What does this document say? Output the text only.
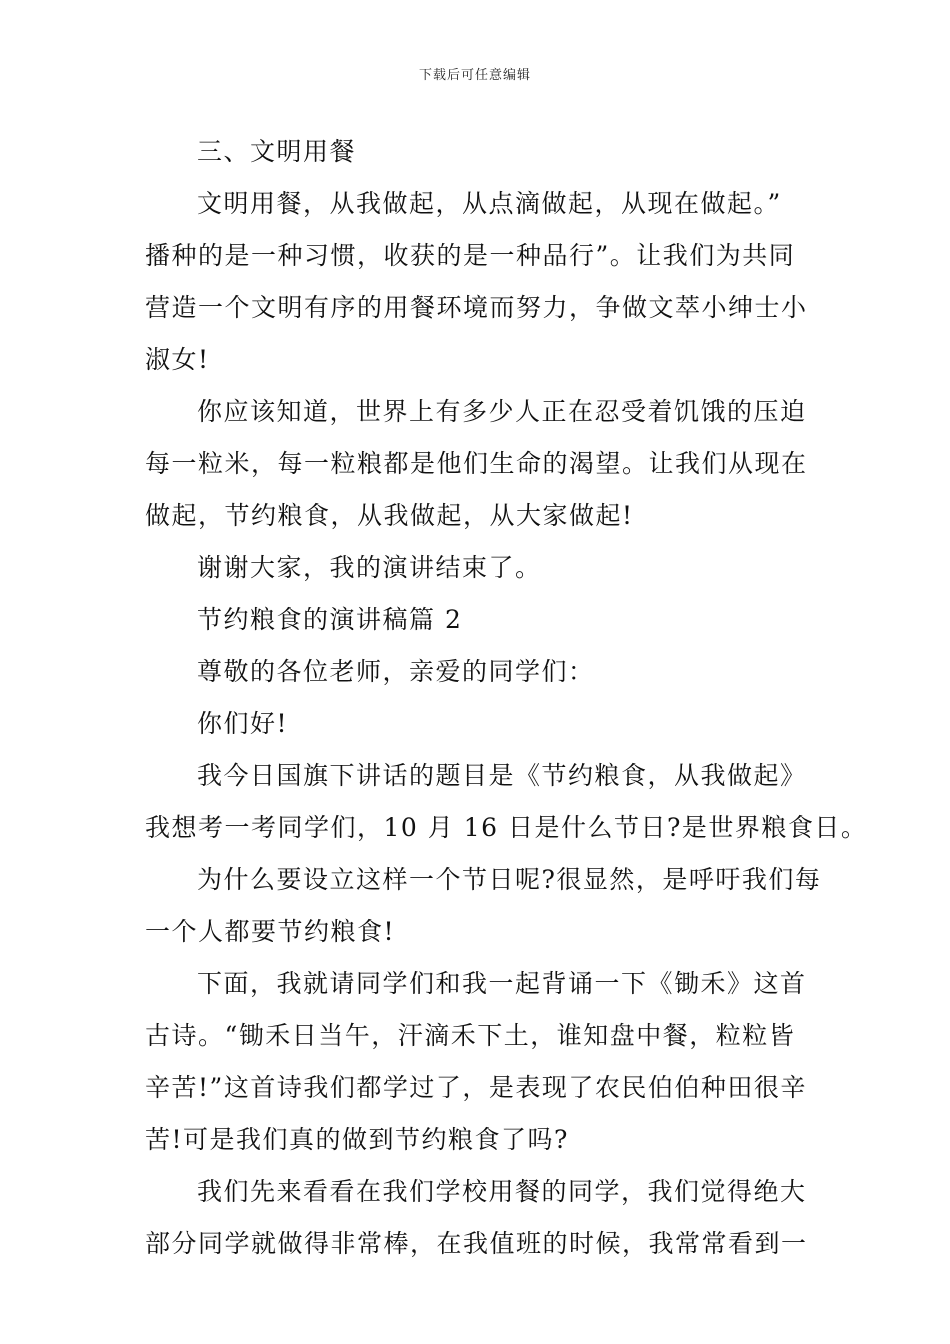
下载后可任意编辑

三、文明用餐

文明用餐，从我做起，从点滴做起，从现在做起。”
播种的是一种习惯，收获的是一种品行”。让我们为共同
营造一个文明有序的用餐环境而努力，争做文萃小绅士小
淑女!

你应该知道，世界上有多少人正在忍受着饥饿的压迫
每一粒米，每一粒粮都是他们生命的渴望。让我们从现在
做起，节约粮食，从我做起，从大家做起!

谢谢大家，我的演讲结束了。

节约粮食的演讲稿篇 2

尊敬的各位老师，亲爱的同学们：

你们好!

我今日国旗下讲话的题目是《节约粮食，从我做起》
我想考一考同学们，10 月 16 日是什么节日?是世界粮食日。

为什么要设立这样一个节日呢?很显然，是呼吁我们每
一个人都要节约粮食!

下面，我就请同学们和我一起背诵一下《锄禾》这首
古诗。“锄禾日当午，汗滴禾下土，谁知盘中餐，粒粒皆
辛苦!”这首诗我们都学过了，是表现了农民伯伯种田很辛
苦!可是我们真的做到节约粮食了吗?

我们先来看看在我们学校用餐的同学，我们觉得绝大
部分同学就做得非常棒，在我值班的时候，我常常看到一
